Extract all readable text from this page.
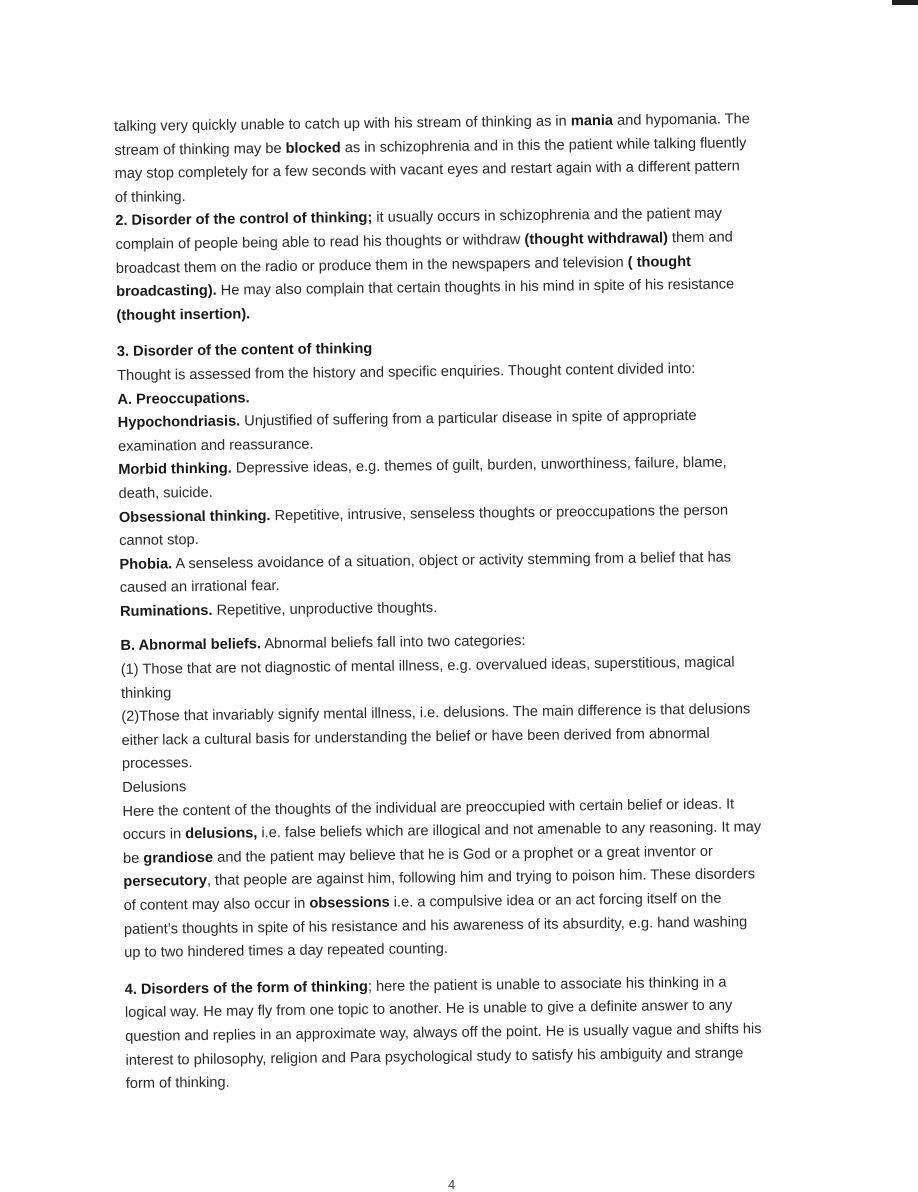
talking very quickly unable to catch up with his stream of thinking as in mania and hypomania. The stream of thinking may be blocked as in schizophrenia and in this the patient while talking fluently may stop completely for a few seconds with vacant eyes and restart again with a different pattern of thinking.

2. Disorder of the control of thinking; it usually occurs in schizophrenia and the patient may complain of people being able to read his thoughts or withdraw (thought withdrawal) them and broadcast them on the radio or produce them in the newspapers and television ( thought broadcasting). He may also complain that certain thoughts in his mind in spite of his resistance (thought insertion).

3. Disorder of the content of thinking

Thought is assessed from the history and specific enquiries. Thought content divided into:

A. Preoccupations.

Hypochondriasis. Unjustified of suffering from a particular disease in spite of appropriate examination and reassurance.

Morbid thinking. Depressive ideas, e.g. themes of guilt, burden, unworthiness, failure, blame, death, suicide.

Obsessional thinking. Repetitive, intrusive, senseless thoughts or preoccupations the person cannot stop.

Phobia. A senseless avoidance of a situation, object or activity stemming from a belief that has caused an irrational fear.

Ruminations. Repetitive, unproductive thoughts.

B. Abnormal beliefs. Abnormal beliefs fall into two categories:

(1) Those that are not diagnostic of mental illness, e.g. overvalued ideas, superstitious, magical thinking

(2)Those that invariably signify mental illness, i.e. delusions. The main difference is that delusions either lack a cultural basis for understanding the belief or have been derived from abnormal processes.

Delusions

Here the content of the thoughts of the individual are preoccupied with certain belief or ideas. It occurs in delusions, i.e. false beliefs which are illogical and not amenable to any reasoning. It may be grandiose and the patient may believe that he is God or a prophet or a great inventor or persecutory, that people are against him, following him and trying to poison him. These disorders of content may also occur in obsessions i.e. a compulsive idea or an act forcing itself on the patient’s thoughts in spite of his resistance and his awareness of its absurdity, e.g. hand washing up to two hindered times a day repeated counting.

4. Disorders of the form of thinking; here the patient is unable to associate his thinking in a logical way. He may fly from one topic to another. He is unable to give a definite answer to any question and replies in an approximate way, always off the point. He is usually vague and shifts his interest to philosophy, religion and Para psychological study to satisfy his ambiguity and strange form of thinking.

4
